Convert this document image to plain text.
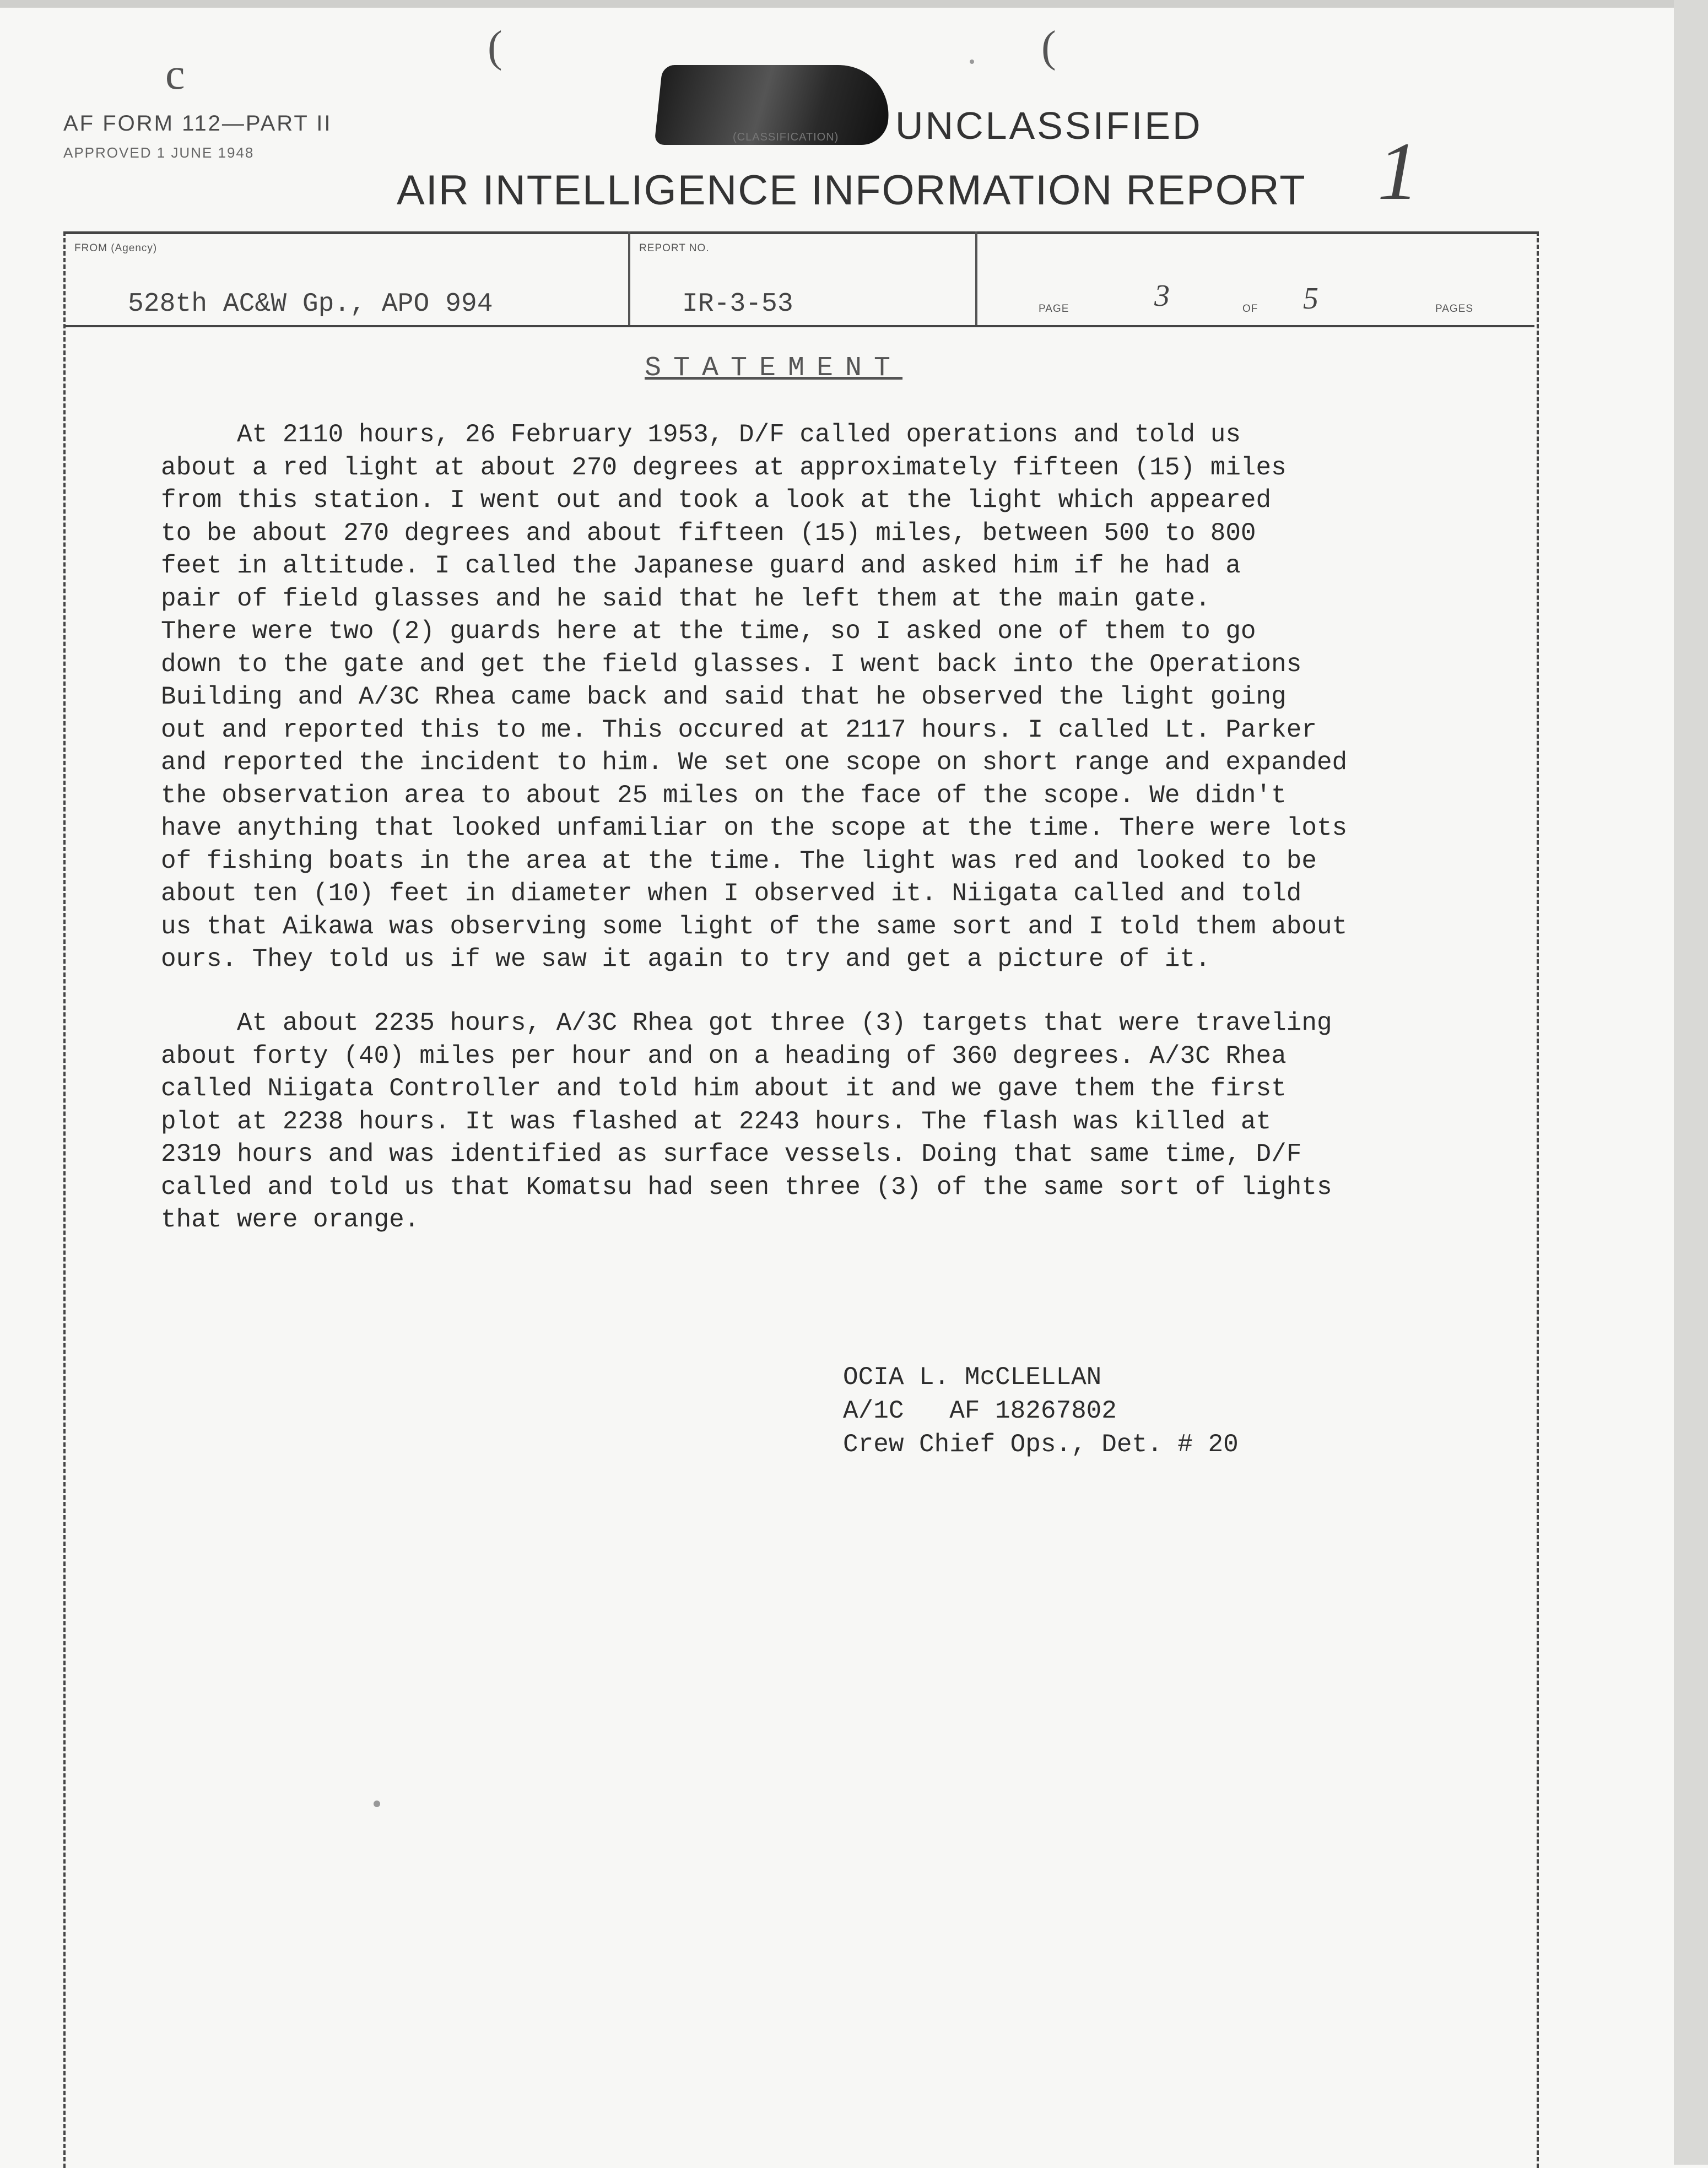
c
(	(
AF FORM 112—PART II
APPROVED 1 JUNE 1948
(CLASSIFICATION) UNCLASSIFIED
AIR INTELLIGENCE INFORMATION REPORT 1
FROM (Agency)
528th AC&W Gp., APO 994
REPORT NO.
IR-3-53	PAGE	3	OF 5	PAGES
STATEMENT
At 2110 hours, 26 February 1953, D/F called operations and told us
about a red light at about 270 degrees at approximately fifteen (15) miles
from this station. I went out and took a look at the light which appeared
to be about 270 degrees and about fifteen (15) miles, between 500 to 800
feet in altitude. I called the Japanese guard and asked him if he had a
pair of field glasses and he said that he left them at the main gate.
There were two (2) guards here at the time, so I asked one of them to go
down to the gate and get the field glasses. I went back into the Operations
Building and A/3C Rhea came back and said that he observed the light going
out and reported this to me. This occured at 2117 hours. I called Lt. Parker
and reported the incident to him. We set one scope on short range and expanded
the observation area to about 25 miles on the face of the scope. We didn't
have anything that looked unfamiliar on the scope at the time. There were lots
of fishing boats in the area at the time. The light was red and looked to be
about ten (10) feet in diameter when I observed it. Niigata called and told
us that Aikawa was observing some light of the same sort and I told them about
ours. They told us if we saw it again to try and get a picture of it.
At about 2235 hours, A/3C Rhea got three (3) targets that were traveling
about forty (40) miles per hour and on a heading of 360 degrees. A/3C Rhea
called Niigata Controller and told him about it and we gave them the first
plot at 2238 hours. It was flashed at 2243 hours. The flash was killed at
2319 hours and was identified as surface vessels. Doing that same time, D/F
called and told us that Komatsu had seen three (3) of the same sort of lights
that were orange.
OCIA L. McCLELLAN
A/1C   AF 18267802
Crew Chief Ops., Det. # 20
